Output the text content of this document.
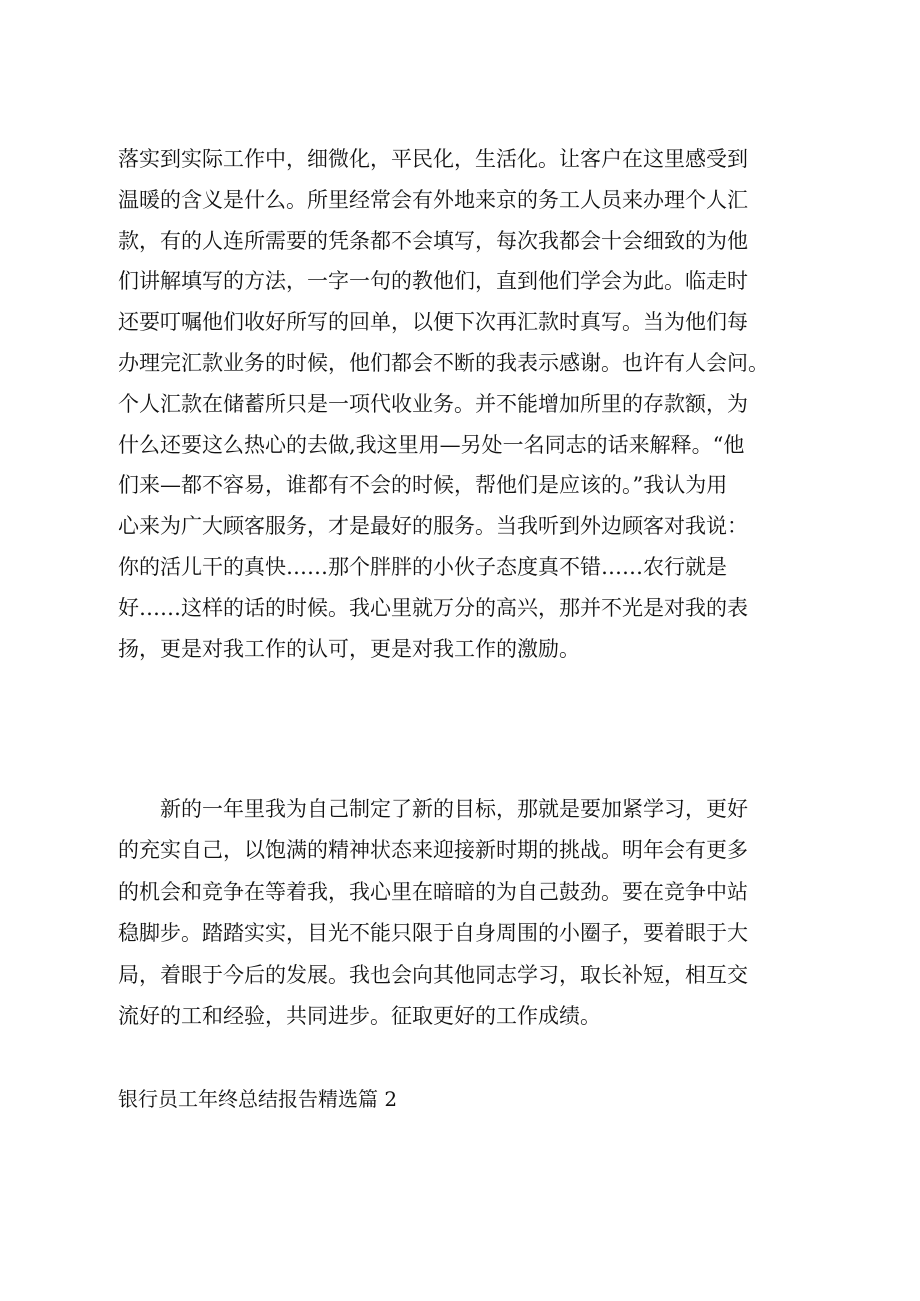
落实到实际工作中，细微化，平民化，生活化。让客户在这里感受到
温暖的含义是什么。所里经常会有外地来京的务工人员来办理个人汇
款，有的人连所需要的凭条都不会填写，每次我都会十会细致的为他
们讲解填写的方法，一字一句的教他们，直到他们学会为此。临走时
还要叮嘱他们收好所写的回单，以便下次再汇款时真写。当为他们每
办理完汇款业务的时候，他们都会不断的我表示感谢。也许有人会问。
个人汇款在储蓄所只是一项代收业务。并不能增加所里的存款额，为
什么还要这么热心的去做,我这里用—另处一名同志的话来解释。“他
们来—都不容易，谁都有不会的时候，帮他们是应该的。”我认为用
心来为广大顾客服务，才是最好的服务。当我听到外边顾客对我说：
你的活儿干的真快……那个胖胖的小伙子态度真不错……农行就是
好……这样的话的时候。我心里就万分的高兴，那并不光是对我的表
扬，更是对我工作的认可，更是对我工作的激励。
　　新的一年里我为自己制定了新的目标，那就是要加紧学习，更好
的充实自己，以饱满的精神状态来迎接新时期的挑战。明年会有更多
的机会和竞争在等着我，我心里在暗暗的为自己鼓劲。要在竞争中站
稳脚步。踏踏实实，目光不能只限于自身周围的小圈子，要着眼于大
局，着眼于今后的发展。我也会向其他同志学习，取长补短，相互交
流好的工和经验，共同进步。征取更好的工作成绩。
银行员工年终总结报告精选篇 2
